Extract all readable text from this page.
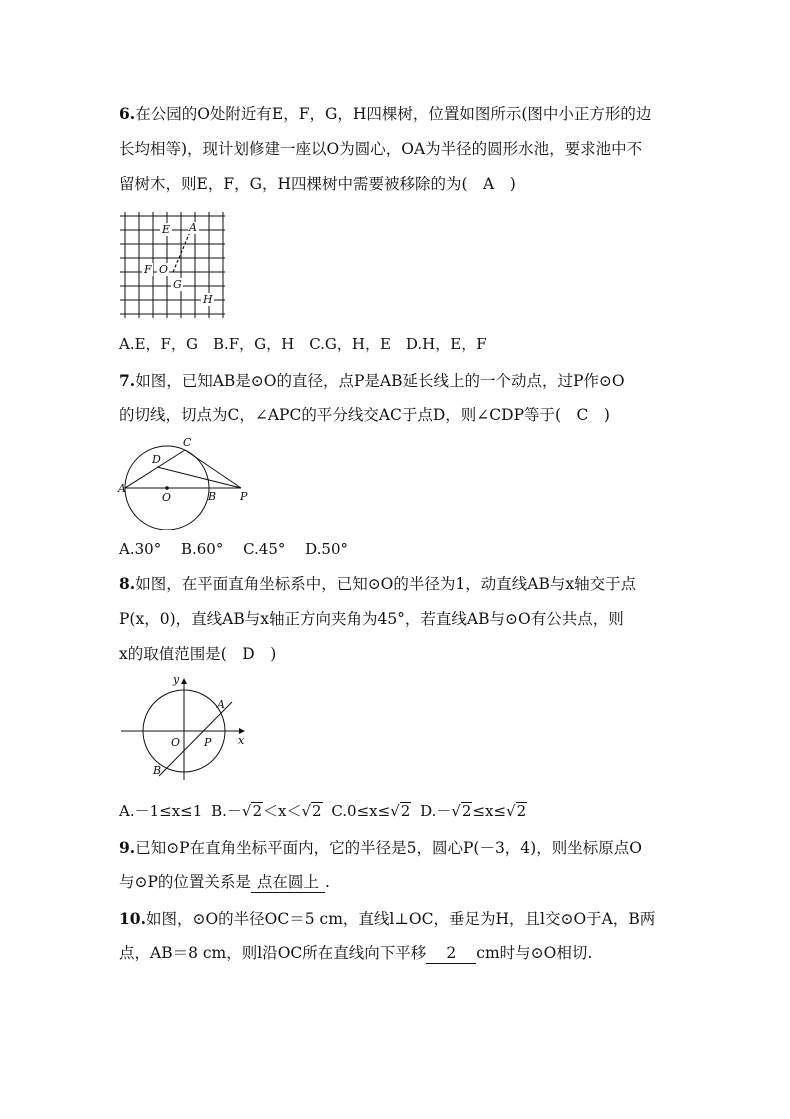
6.在公园的O处附近有E，F，G，H四棵树，位置如图所示(图中小正方形的边
长均相等)，现计划修建一座以O为圆心，OA为半径的圆形水池，要求池中不
留树木，则E，F，G，H四棵树中需要被移除的为(　A　)
E A
F O
G
H
A.E，F，G　B.F，G，H　C.G，H，E　D.H，E，F
7.如图，已知AB是⊙O的直径，点P是AB延长线上的一个动点，过P作⊙O
的切线，切点为C，∠APC的平分线交AC于点D，则∠CDP等于(　C　)
C
D
A
O	B P
A.30°　 B.60°　 C.45°　 D.50°
8.如图，在平面直角坐标系中，已知⊙O的半径为1，动直线AB与x轴交于点
P(x，0)，直线AB与x轴正方向夹角为45°，若直线AB与⊙O有公共点，则
x的取值范围是(　D　)
y
x
A
O P
B
A.－1≤x≤1 B.－√2＜x＜√2 C.0≤x≤√2 D.－√2≤x≤√2
9.已知⊙P在直角坐标平面内，它的半径是5，圆心P(－3，4)，则坐标原点O
与⊙P的位置关系是 点在圆上 .
10.如图，⊙O的半径OC＝5 cm，直线l⊥OC，垂足为H，且l交⊙O于A，B两
点，AB＝8 cm，则l沿OC所在直线向下平移 2 cm时与⊙O相切.
